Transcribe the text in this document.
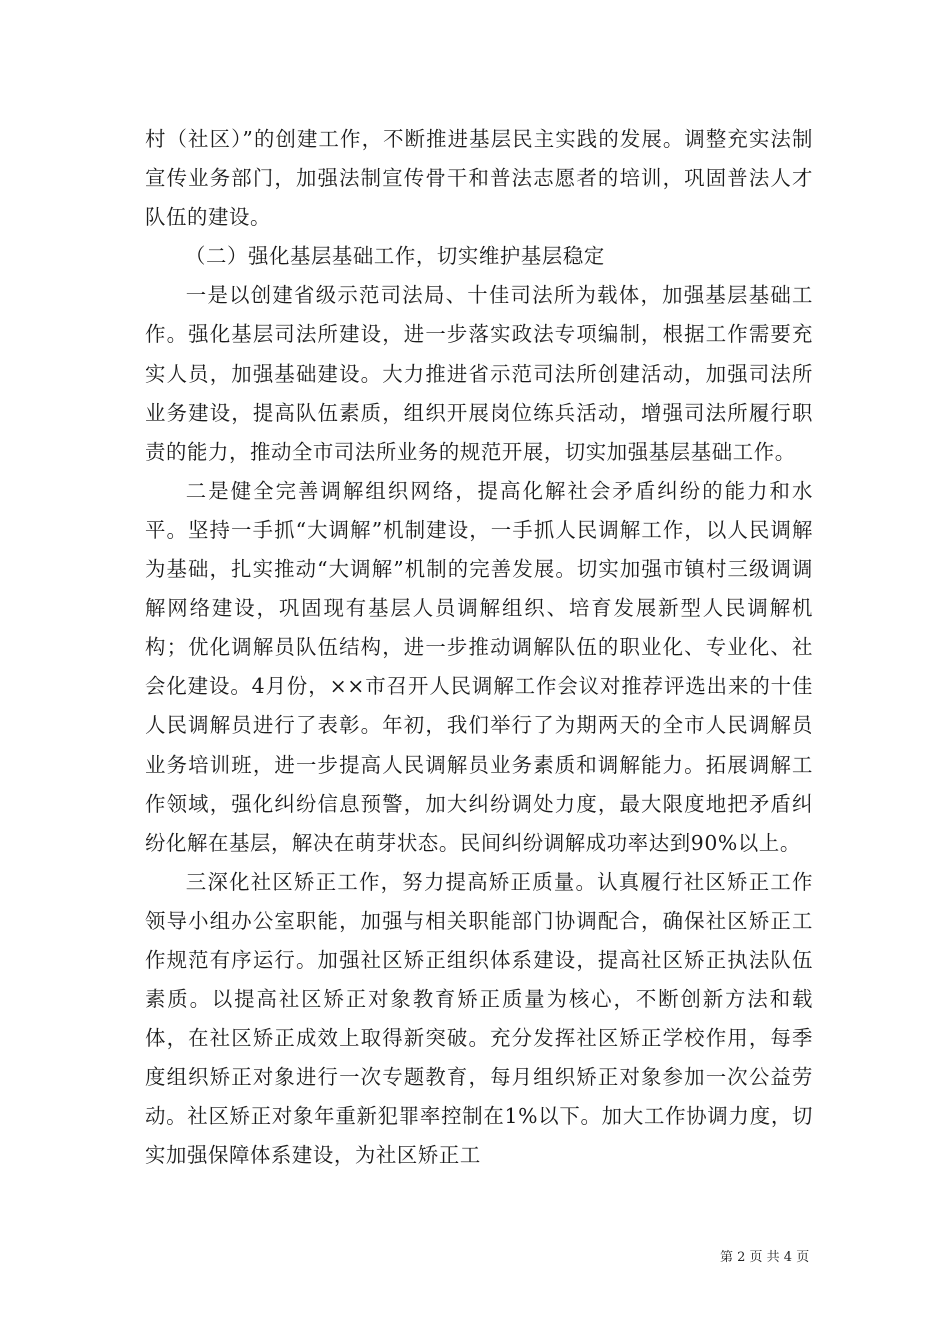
村（社区）”的创建工作，不断推进基层民主实践的发展。调整充实法制宣传业务部门，加强法制宣传骨干和普法志愿者的培训，巩固普法人才队伍的建设。

（二）强化基层基础工作，切实维护基层稳定

一是以创建省级示范司法局、十佳司法所为载体，加强基层基础工作。强化基层司法所建设，进一步落实政法专项编制，根据工作需要充实人员，加强基础建设。大力推进省示范司法所创建活动，加强司法所业务建设，提高队伍素质，组织开展岗位练兵活动，增强司法所履行职责的能力，推动全市司法所业务的规范开展，切实加强基层基础工作。

二是健全完善调解组织网络，提高化解社会矛盾纠纷的能力和水平。坚持一手抓“大调解”机制建设，一手抓人民调解工作，以人民调解为基础，扎实推动“大调解”机制的完善发展。切实加强市镇村三级调调解网络建设，巩固现有基层人员调解组织、培育发展新型人民调解机构；优化调解员队伍结构，进一步推动调解队伍的职业化、专业化、社会化建设。4月份，××市召开人民调解工作会议对推荐评选出来的十佳人民调解员进行了表彰。年初，我们举行了为期两天的全市人民调解员业务培训班，进一步提高人民调解员业务素质和调解能力。拓展调解工作领域，强化纠纷信息预警，加大纠纷调处力度，最大限度地把矛盾纠纷化解在基层，解决在萌芽状态。民间纠纷调解成功率达到90%以上。

三深化社区矫正工作，努力提高矫正质量。认真履行社区矫正工作领导小组办公室职能，加强与相关职能部门协调配合，确保社区矫正工作规范有序运行。加强社区矫正组织体系建设，提高社区矫正执法队伍素质。以提高社区矫正对象教育矫正质量为核心，不断创新方法和载体，在社区矫正成效上取得新突破。充分发挥社区矫正学校作用，每季度组织矫正对象进行一次专题教育，每月组织矫正对象参加一次公益劳动。社区矫正对象年重新犯罪率控制在1%以下。加大工作协调力度，切实加强保障体系建设，为社区矫正工

第 2 页 共 4 页
